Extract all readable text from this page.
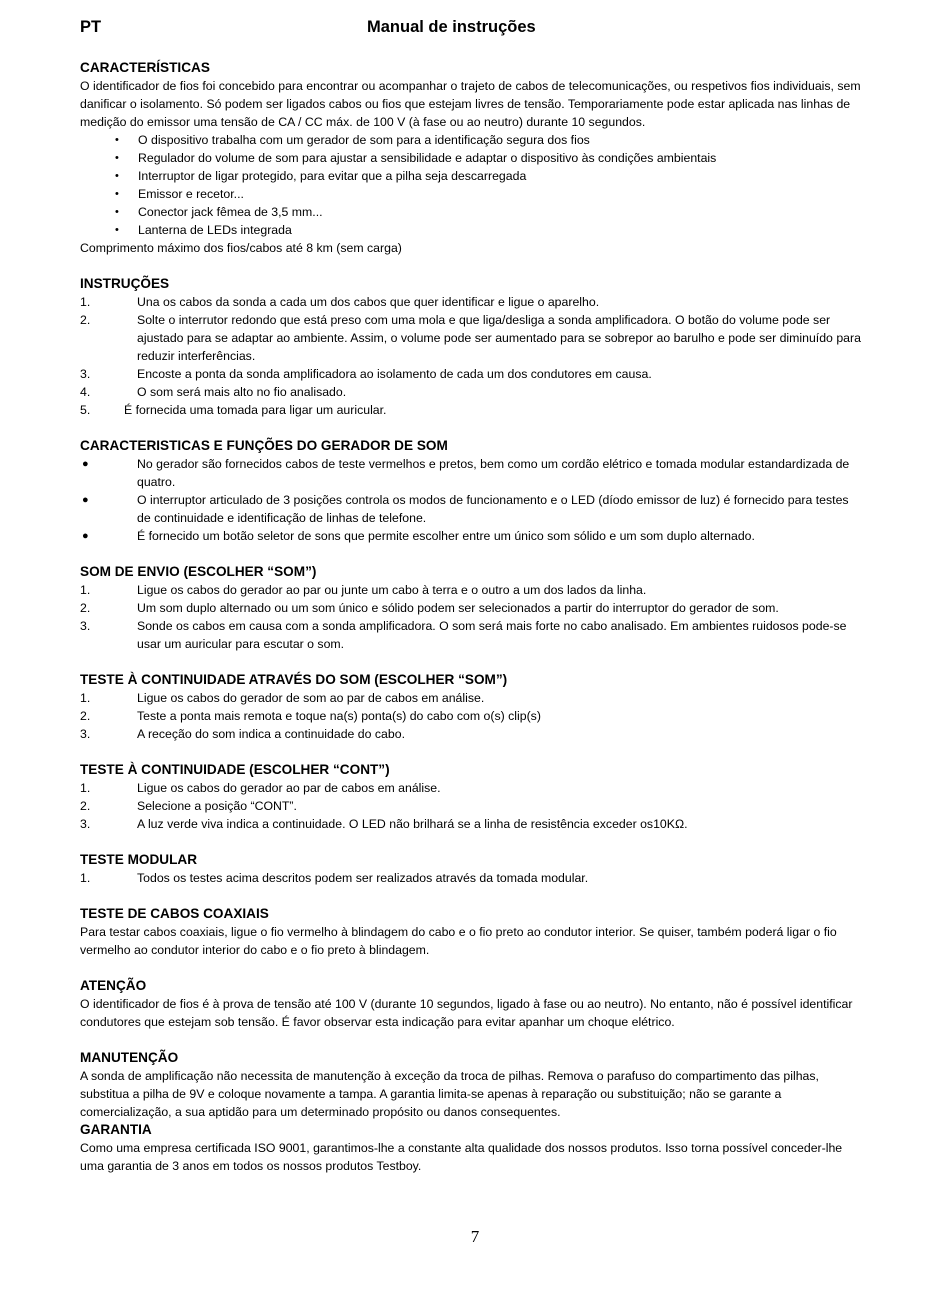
PT	Manual de instruções
CARACTERÍSTICAS

O identificador de fios foi concebido para encontrar ou acompanhar o trajeto de cabos de telecomunicações, ou respetivos fios individuais, sem danificar o isolamento. Só podem ser ligados cabos ou fios que estejam livres de tensão. Temporariamente pode estar aplicada nas linhas de medição do emissor uma tensão de CA / CC máx. de 100 V (à fase ou ao neutro) durante 10 segundos.

• O dispositivo trabalha com um gerador de som para a identificação segura dos fios
• Regulador do volume de som para ajustar a sensibilidade e adaptar o dispositivo às condições ambientais
• Interruptor de ligar protegido, para evitar que a pilha seja descarregada
• Emissor e recetor...
• Conector jack fêmea de 3,5 mm...
• Lanterna de LEDs integrada

Comprimento máximo dos fios/cabos até 8 km (sem carga)

INSTRUÇÕES
1.	Una os cabos da sonda a cada um dos cabos que quer identificar e ligue o aparelho.
2.	Solte o interrutor redondo que está preso com uma mola e que liga/desliga a sonda amplificadora. O botão do volume pode ser ajustado para se adaptar ao ambiente. Assim, o volume pode ser aumentado para se sobrepor ao barulho e pode ser diminuído para reduzir interferências.
3.	Encoste a ponta da sonda amplificadora ao isolamento de cada um dos condutores em causa.
4.	O som será mais alto no fio analisado.
5.	É fornecida uma tomada para ligar um auricular.
CARACTERISTICAS E FUNÇÕES DO GERADOR DE SOM
●	No gerador são fornecidos cabos de teste vermelhos e pretos, bem como um cordão elétrico e tomada modular estandardizada de quatro.
●	O interruptor articulado de 3 posições controla os modos de funcionamento e o LED (díodo emissor de luz) é fornecido para testes de continuidade e identificação de linhas de telefone.
●	É fornecido um botão seletor de sons que permite escolher entre um único som sólido e um som duplo alternado.
SOM DE ENVIO (ESCOLHER “SOM”)
1.	Ligue os cabos do gerador ao par ou junte um cabo à terra e o outro a um dos lados da linha.
2.	Um som duplo alternado ou um som único e sólido podem ser selecionados a partir do interruptor do gerador de som.
3.	Sonde os cabos em causa com a sonda amplificadora. O som será mais forte no cabo analisado. Em ambientes ruidosos pode-se usar um auricular para escutar o som.
TESTE À CONTINUIDADE ATRAVÉS DO SOM (ESCOLHER “SOM”)
1.	Ligue os cabos do gerador de som ao par de cabos em análise.
2.	Teste a ponta mais remota e toque na(s) ponta(s) do cabo com o(s) clip(s)
3.	A receção do som indica a continuidade do cabo.
TESTE À CONTINUIDADE (ESCOLHER “CONT”)
1.	Ligue os cabos do gerador ao par de cabos em análise.
2.	Selecione a posição “CONT”.
3.	A luz verde viva indica a continuidade. O LED não brilhará se a linha de resistência exceder os10KΩ.
TESTE MODULAR
1.	Todos os testes acima descritos podem ser realizados através da tomada modular.
TESTE DE CABOS COAXIAIS

Para testar cabos coaxiais, ligue o fio vermelho à blindagem do cabo e o fio preto ao condutor interior. Se quiser, também poderá ligar o fio vermelho ao condutor interior do cabo e o fio preto à blindagem.

ATENÇÃO

O identificador de fios é à prova de tensão até 100 V (durante 10 segundos, ligado à fase ou ao neutro). No entanto, não é possível identificar condutores que estejam sob tensão. É favor observar esta indicação para evitar apanhar um choque elétrico.

MANUTENÇÃO

A sonda de amplificação não necessita de manutenção à exceção da troca de pilhas. Remova o parafuso do compartimento das pilhas, substitua a pilha de 9V e coloque novamente a tampa. A garantia limita-se apenas à reparação ou substituição; não se garante a comercialização, a sua aptidão para um determinado propósito ou danos consequentes.

GARANTIA

Como uma empresa certificada ISO 9001, garantimos-lhe a constante alta qualidade dos nossos produtos. Isso torna possível conceder-lhe uma garantia de 3 anos em todos os nossos produtos Testboy.

7
